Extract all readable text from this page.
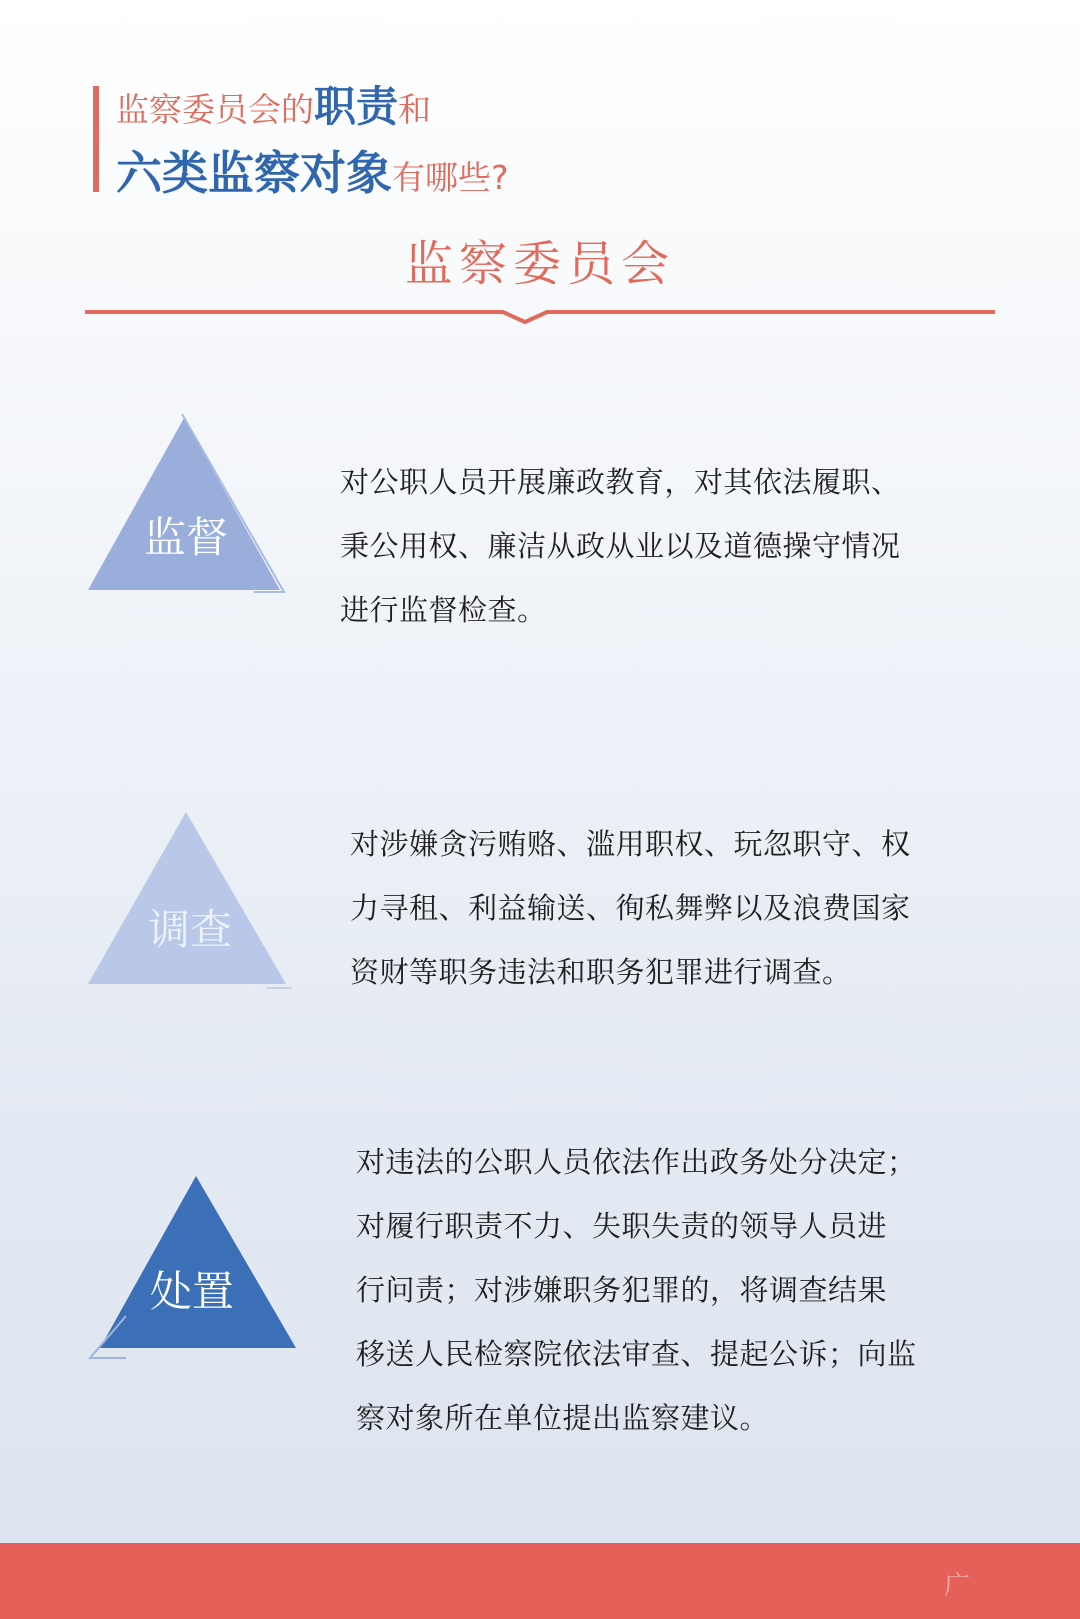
监察委员会的职责和
六类监察对象有哪些?
监察委员会
监督
对公职人员开展廉政教育，对其依法履职、
秉公用权、廉洁从政从业以及道德操守情况
进行监督检查。
调查
对涉嫌贪污贿赂、滥用职权、玩忽职守、权
力寻租、利益输送、徇私舞弊以及浪费国家
资财等职务违法和职务犯罪进行调查。
处置
对违法的公职人员依法作出政务处分决定；
对履行职责不力、失职失责的领导人员进
行问责；对涉嫌职务犯罪的，将调查结果
移送人民检察院依法审查、提起公诉；向监
察对象所在单位提出监察建议。
广
